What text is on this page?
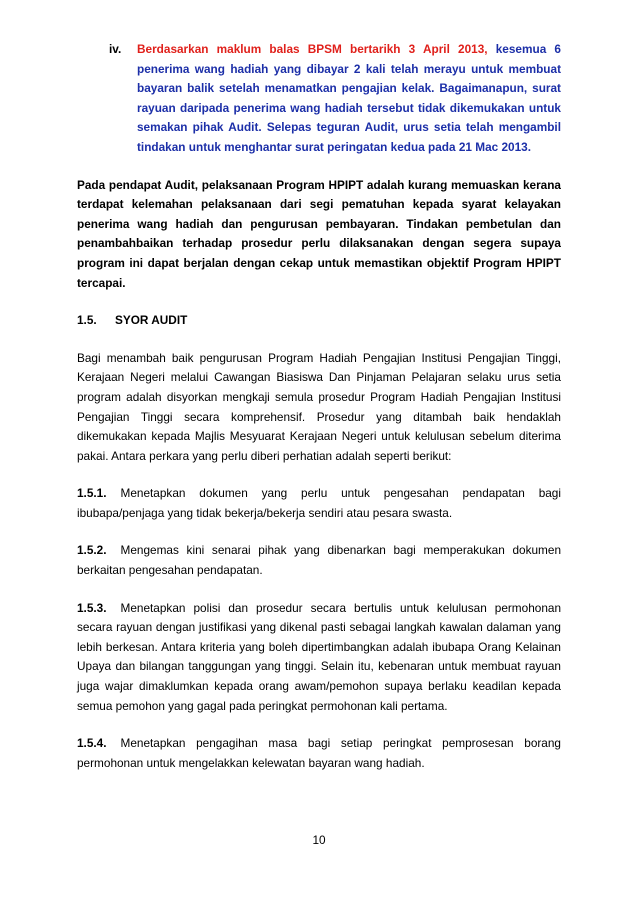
iv.	Berdasarkan maklum balas BPSM bertarikh 3 April 2013, kesemua 6 penerima wang hadiah yang dibayar 2 kali telah merayu untuk membuat bayaran balik setelah menamatkan pengajian kelak. Bagaimanapun, surat rayuan daripada penerima wang hadiah tersebut tidak dikemukakan untuk semakan pihak Audit. Selepas teguran Audit, urus setia telah mengambil tindakan untuk menghantar surat peringatan kedua pada 21 Mac 2013.

Pada pendapat Audit, pelaksanaan Program HPIPT adalah kurang memuaskan kerana terdapat kelemahan pelaksanaan dari segi pematuhan kepada syarat kelayakan penerima wang hadiah dan pengurusan pembayaran. Tindakan pembetulan dan penambahbaikan terhadap prosedur perlu dilaksanakan dengan segera supaya program ini dapat berjalan dengan cekap untuk memastikan objektif Program HPIPT tercapai.

1.5.	SYOR AUDIT

Bagi menambah baik pengurusan Program Hadiah Pengajian Institusi Pengajian Tinggi, Kerajaan Negeri melalui Cawangan Biasiswa Dan Pinjaman Pelajaran selaku urus setia program adalah disyorkan mengkaji semula prosedur Program Hadiah Pengajian Institusi Pengajian Tinggi secara komprehensif. Prosedur yang ditambah baik hendaklah dikemukakan kepada Majlis Mesyuarat Kerajaan Negeri untuk kelulusan sebelum diterima pakai. Antara perkara yang perlu diberi perhatian adalah seperti berikut:

1.5.1. Menetapkan dokumen yang perlu untuk pengesahan pendapatan bagi ibubapa/penjaga yang tidak bekerja/bekerja sendiri atau pesara swasta.

1.5.2. Mengemas kini senarai pihak yang dibenarkan bagi memperakukan dokumen berkaitan pengesahan pendapatan.

1.5.3. Menetapkan polisi dan prosedur secara bertulis untuk kelulusan permohonan secara rayuan dengan justifikasi yang dikenal pasti sebagai langkah kawalan dalaman yang lebih berkesan. Antara kriteria yang boleh dipertimbangkan adalah ibubapa Orang Kelainan Upaya dan bilangan tanggungan yang tinggi. Selain itu, kebenaran untuk membuat rayuan juga wajar dimaklumkan kepada orang awam/pemohon supaya berlaku keadilan kepada semua pemohon yang gagal pada peringkat permohonan kali pertama.

1.5.4. Menetapkan pengagihan masa bagi setiap peringkat pemprosesan borang permohonan untuk mengelakkan kelewatan bayaran wang hadiah.

10
